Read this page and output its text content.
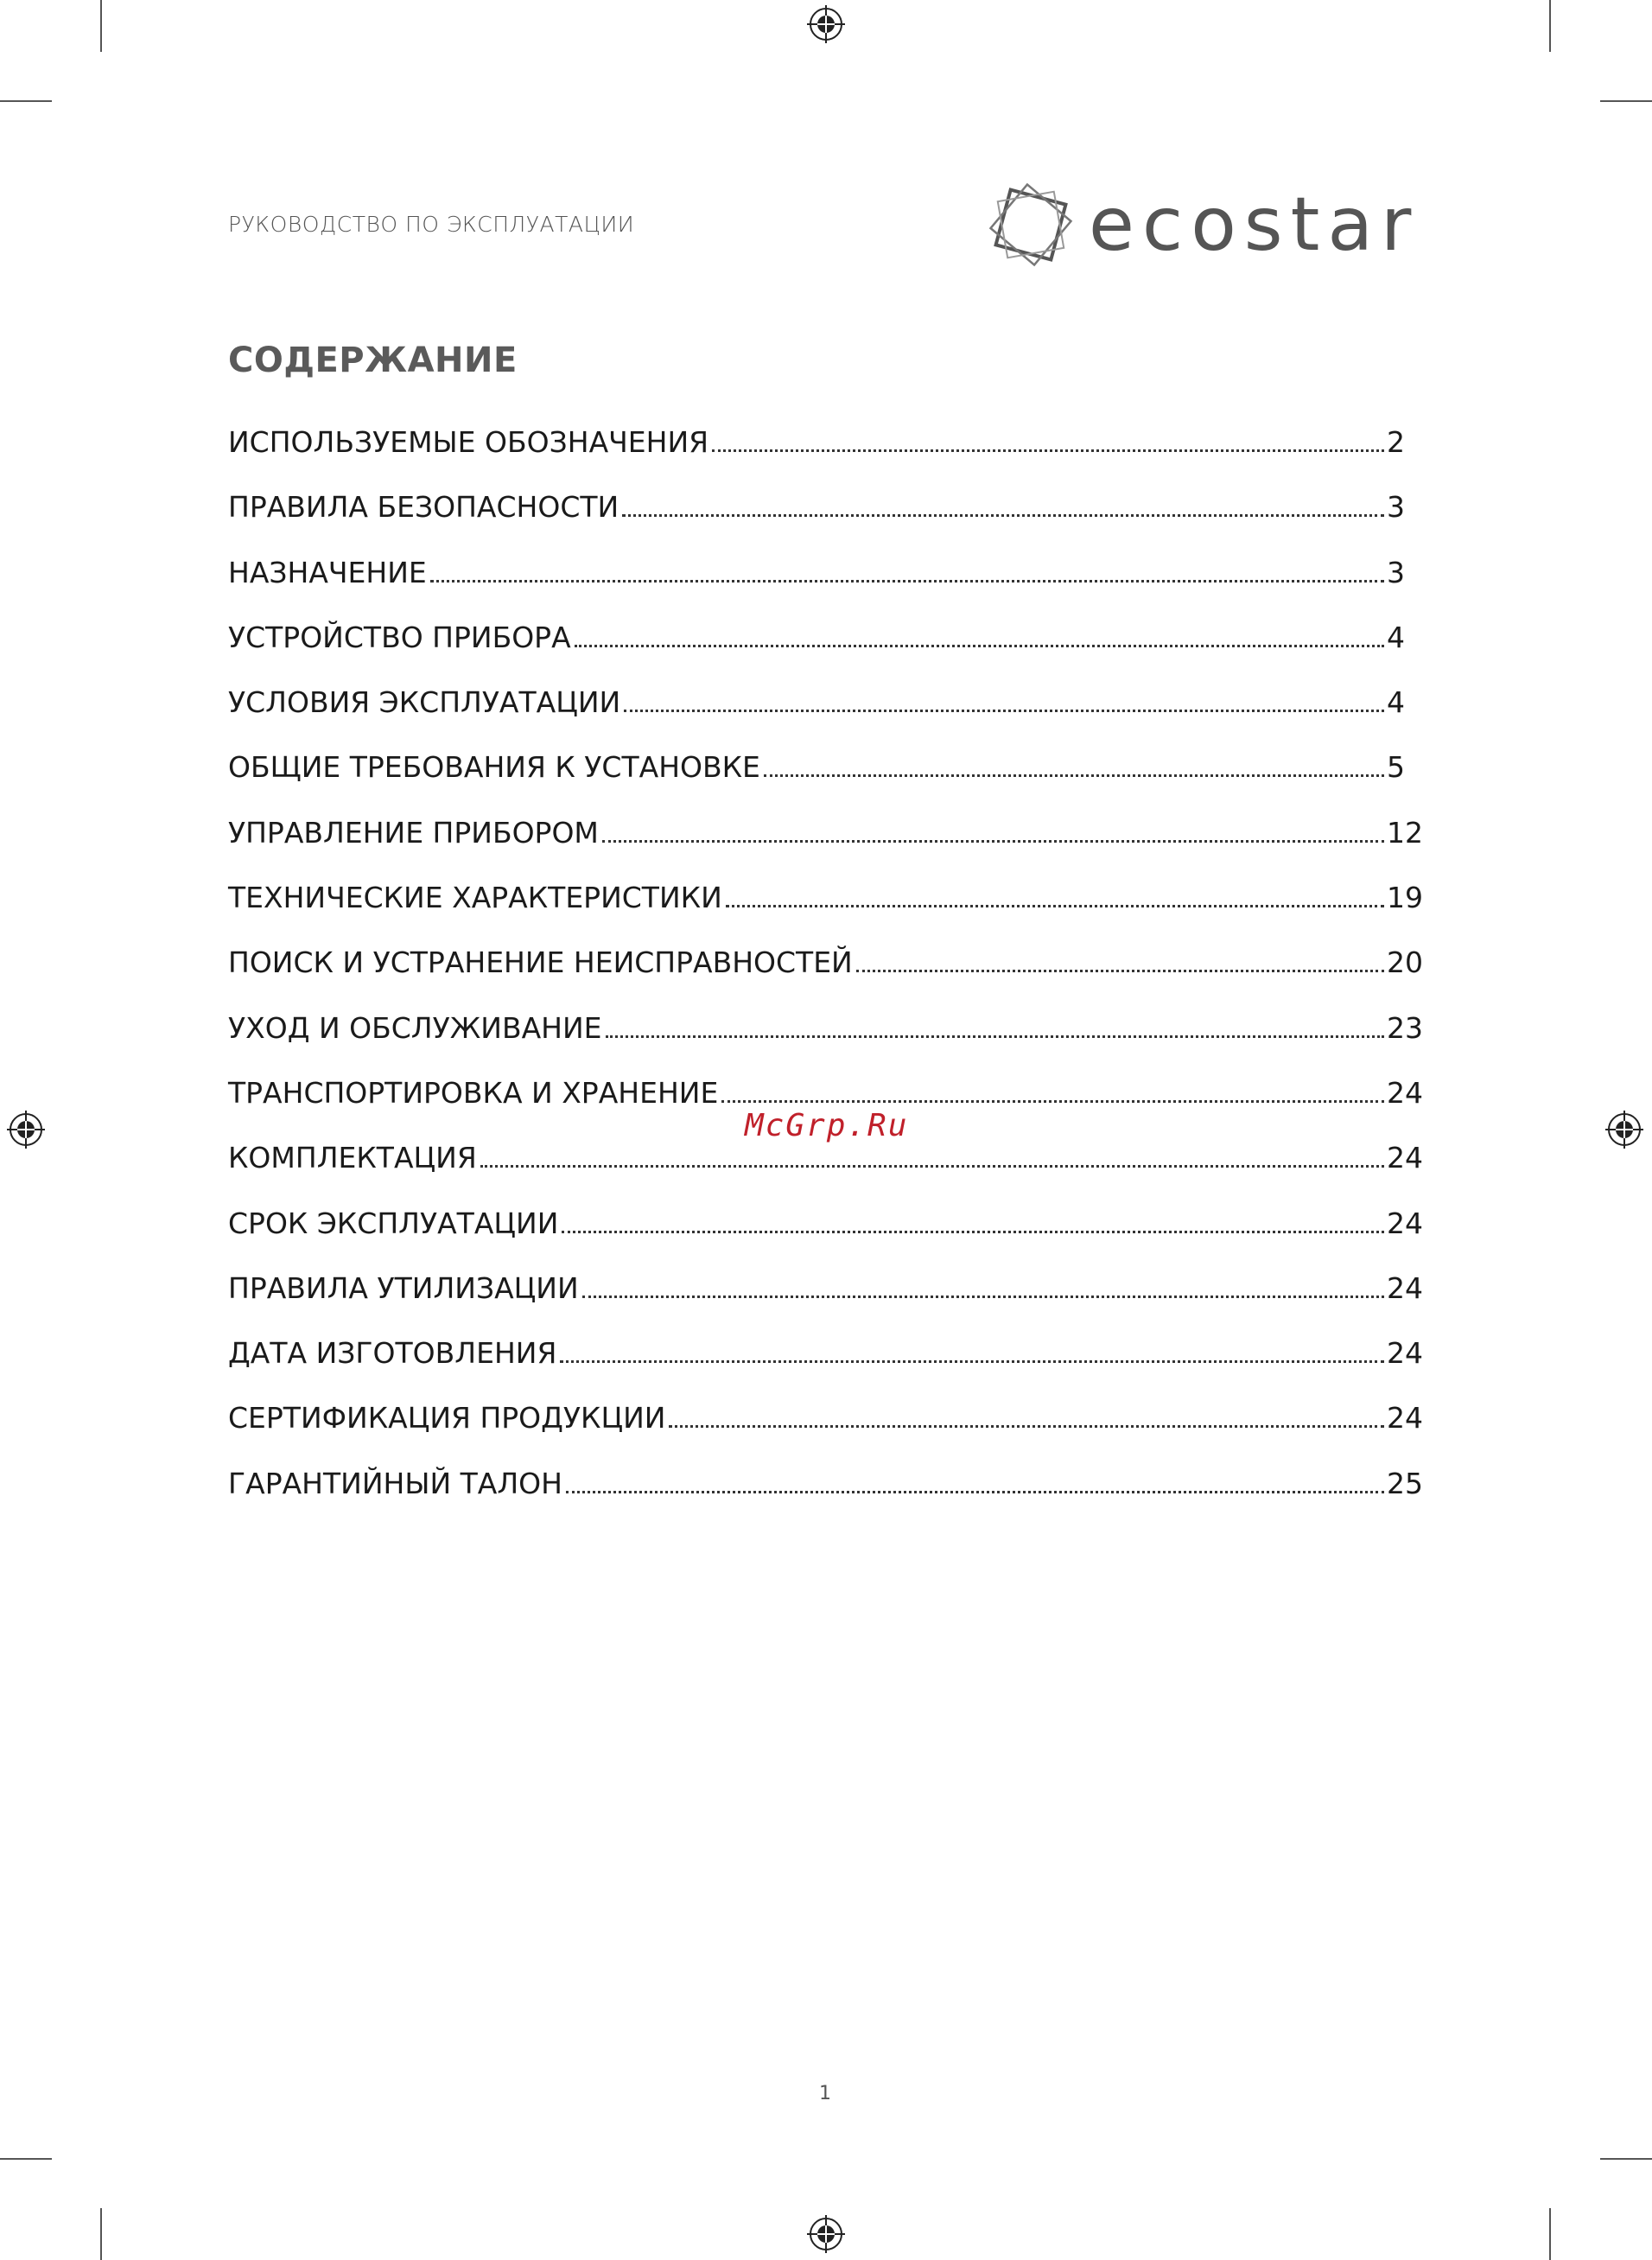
РУКОВОДСТВО ПО ЭКСПЛУАТАЦИИ	ecostar
СОДЕРЖАНИЕ
ИСПОЛЬЗУЕМЫЕ ОБОЗНАЧЕНИЯ	2
ПРАВИЛА БЕЗОПАСНОСТИ	3
НАЗНАЧЕНИЕ	3
УСТРОЙСТВО ПРИБОРА	4
УСЛОВИЯ ЭКСПЛУАТАЦИИ	4
ОБЩИЕ ТРЕБОВАНИЯ К УСТАНОВКЕ	5
УПРАВЛЕНИЕ ПРИБОРОМ	12
ТЕХНИЧЕСКИЕ ХАРАКТЕРИСТИКИ	19
ПОИСК И УСТРАНЕНИЕ НЕИСПРАВНОСТЕЙ	20
УХОД И ОБСЛУЖИВАНИЕ	23
ТРАНСПОРТИРОВКА И ХРАНЕНИЕ	24
КОМПЛЕКТАЦИЯ	24
СРОК ЭКСПЛУАТАЦИИ	24
ПРАВИЛА УТИЛИЗАЦИИ	24
ДАТА ИЗГОТОВЛЕНИЯ	24
СЕРТИФИКАЦИЯ ПРОДУКЦИИ	24
ГАРАНТИЙНЫЙ ТАЛОН	25
McGrp.Ru
1
